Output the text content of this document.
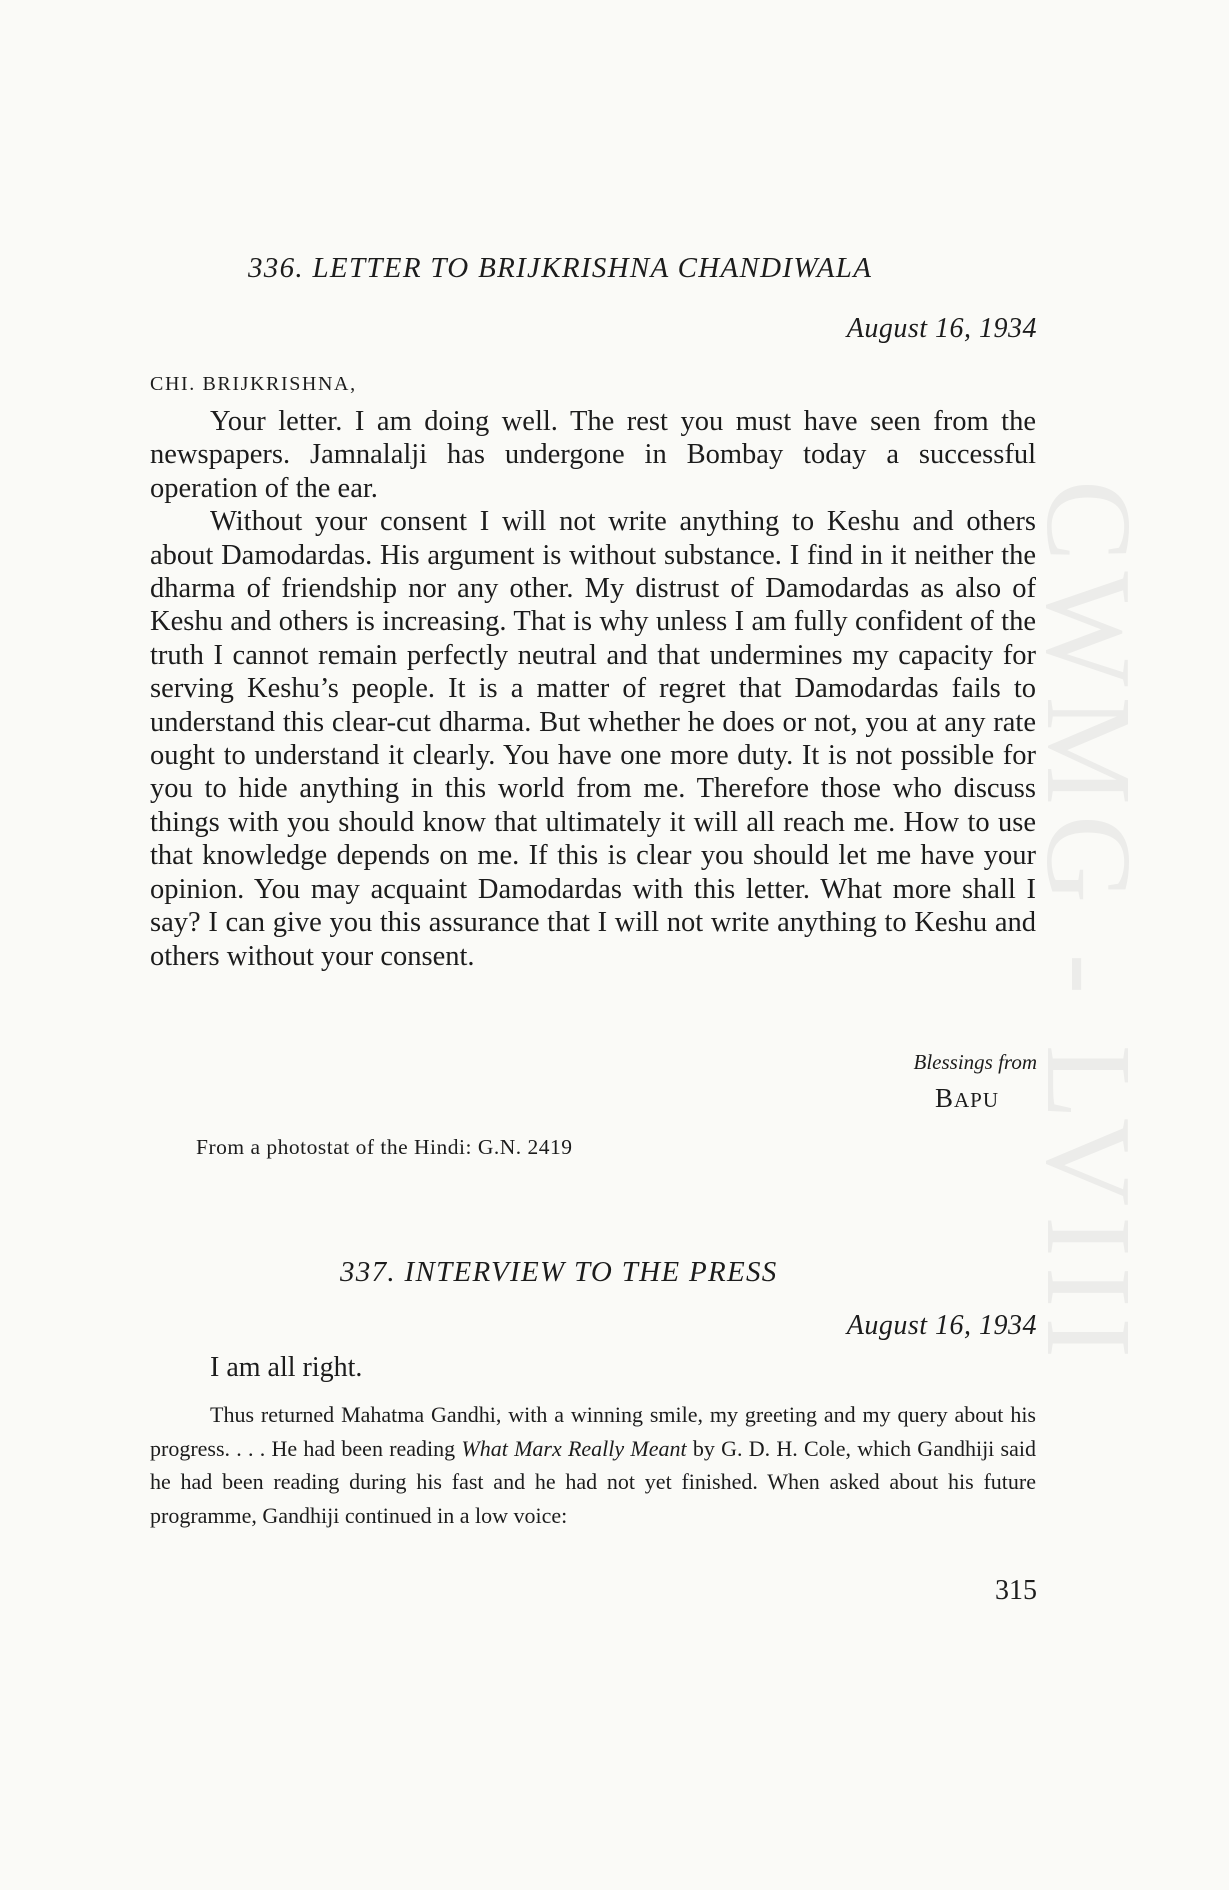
CWMG - LVIII
336. LETTER TO BRIJKRISHNA CHANDIWALA
August 16, 1934
CHI. BRIJKRISHNA,

Your letter. I am doing well. The rest you must have seen from the newspapers. Jamnalalji has undergone in Bombay today a successful operation of the ear.

Without your consent I will not write anything to Keshu and others about Damodardas. His argument is without substance. I find in it neither the dharma of friendship nor any other. My distrust of Damodardas as also of Keshu and others is increasing. That is why unless I am fully confident of the truth I cannot remain perfectly neutral and that undermines my capacity for serving Keshu’s people. It is a matter of regret that Damodardas fails to understand this clear-cut dharma. But whether he does or not, you at any rate ought to understand it clearly. You have one more duty. It is not possible for you to hide anything in this world from me. Therefore those who discuss things with you should know that ultimately it will all reach me. How to use that knowledge depends on me. If this is clear you should let me have your opinion. You may acquaint Damodardas with this letter. What more shall I say? I can give you this assurance that I will not write anything to Keshu and others without your consent.

Blessings from
BAPU
From a photostat of the Hindi: G.N. 2419
337. INTERVIEW TO THE PRESS
August 16, 1934
I am all right.

Thus returned Mahatma Gandhi, with a winning smile, my greeting and my query about his progress. . . . He had been reading What Marx Really Meant by G. D. H. Cole, which Gandhiji said he had been reading during his fast and he had not yet finished. When asked about his future programme, Gandhiji continued in a low voice:

315
